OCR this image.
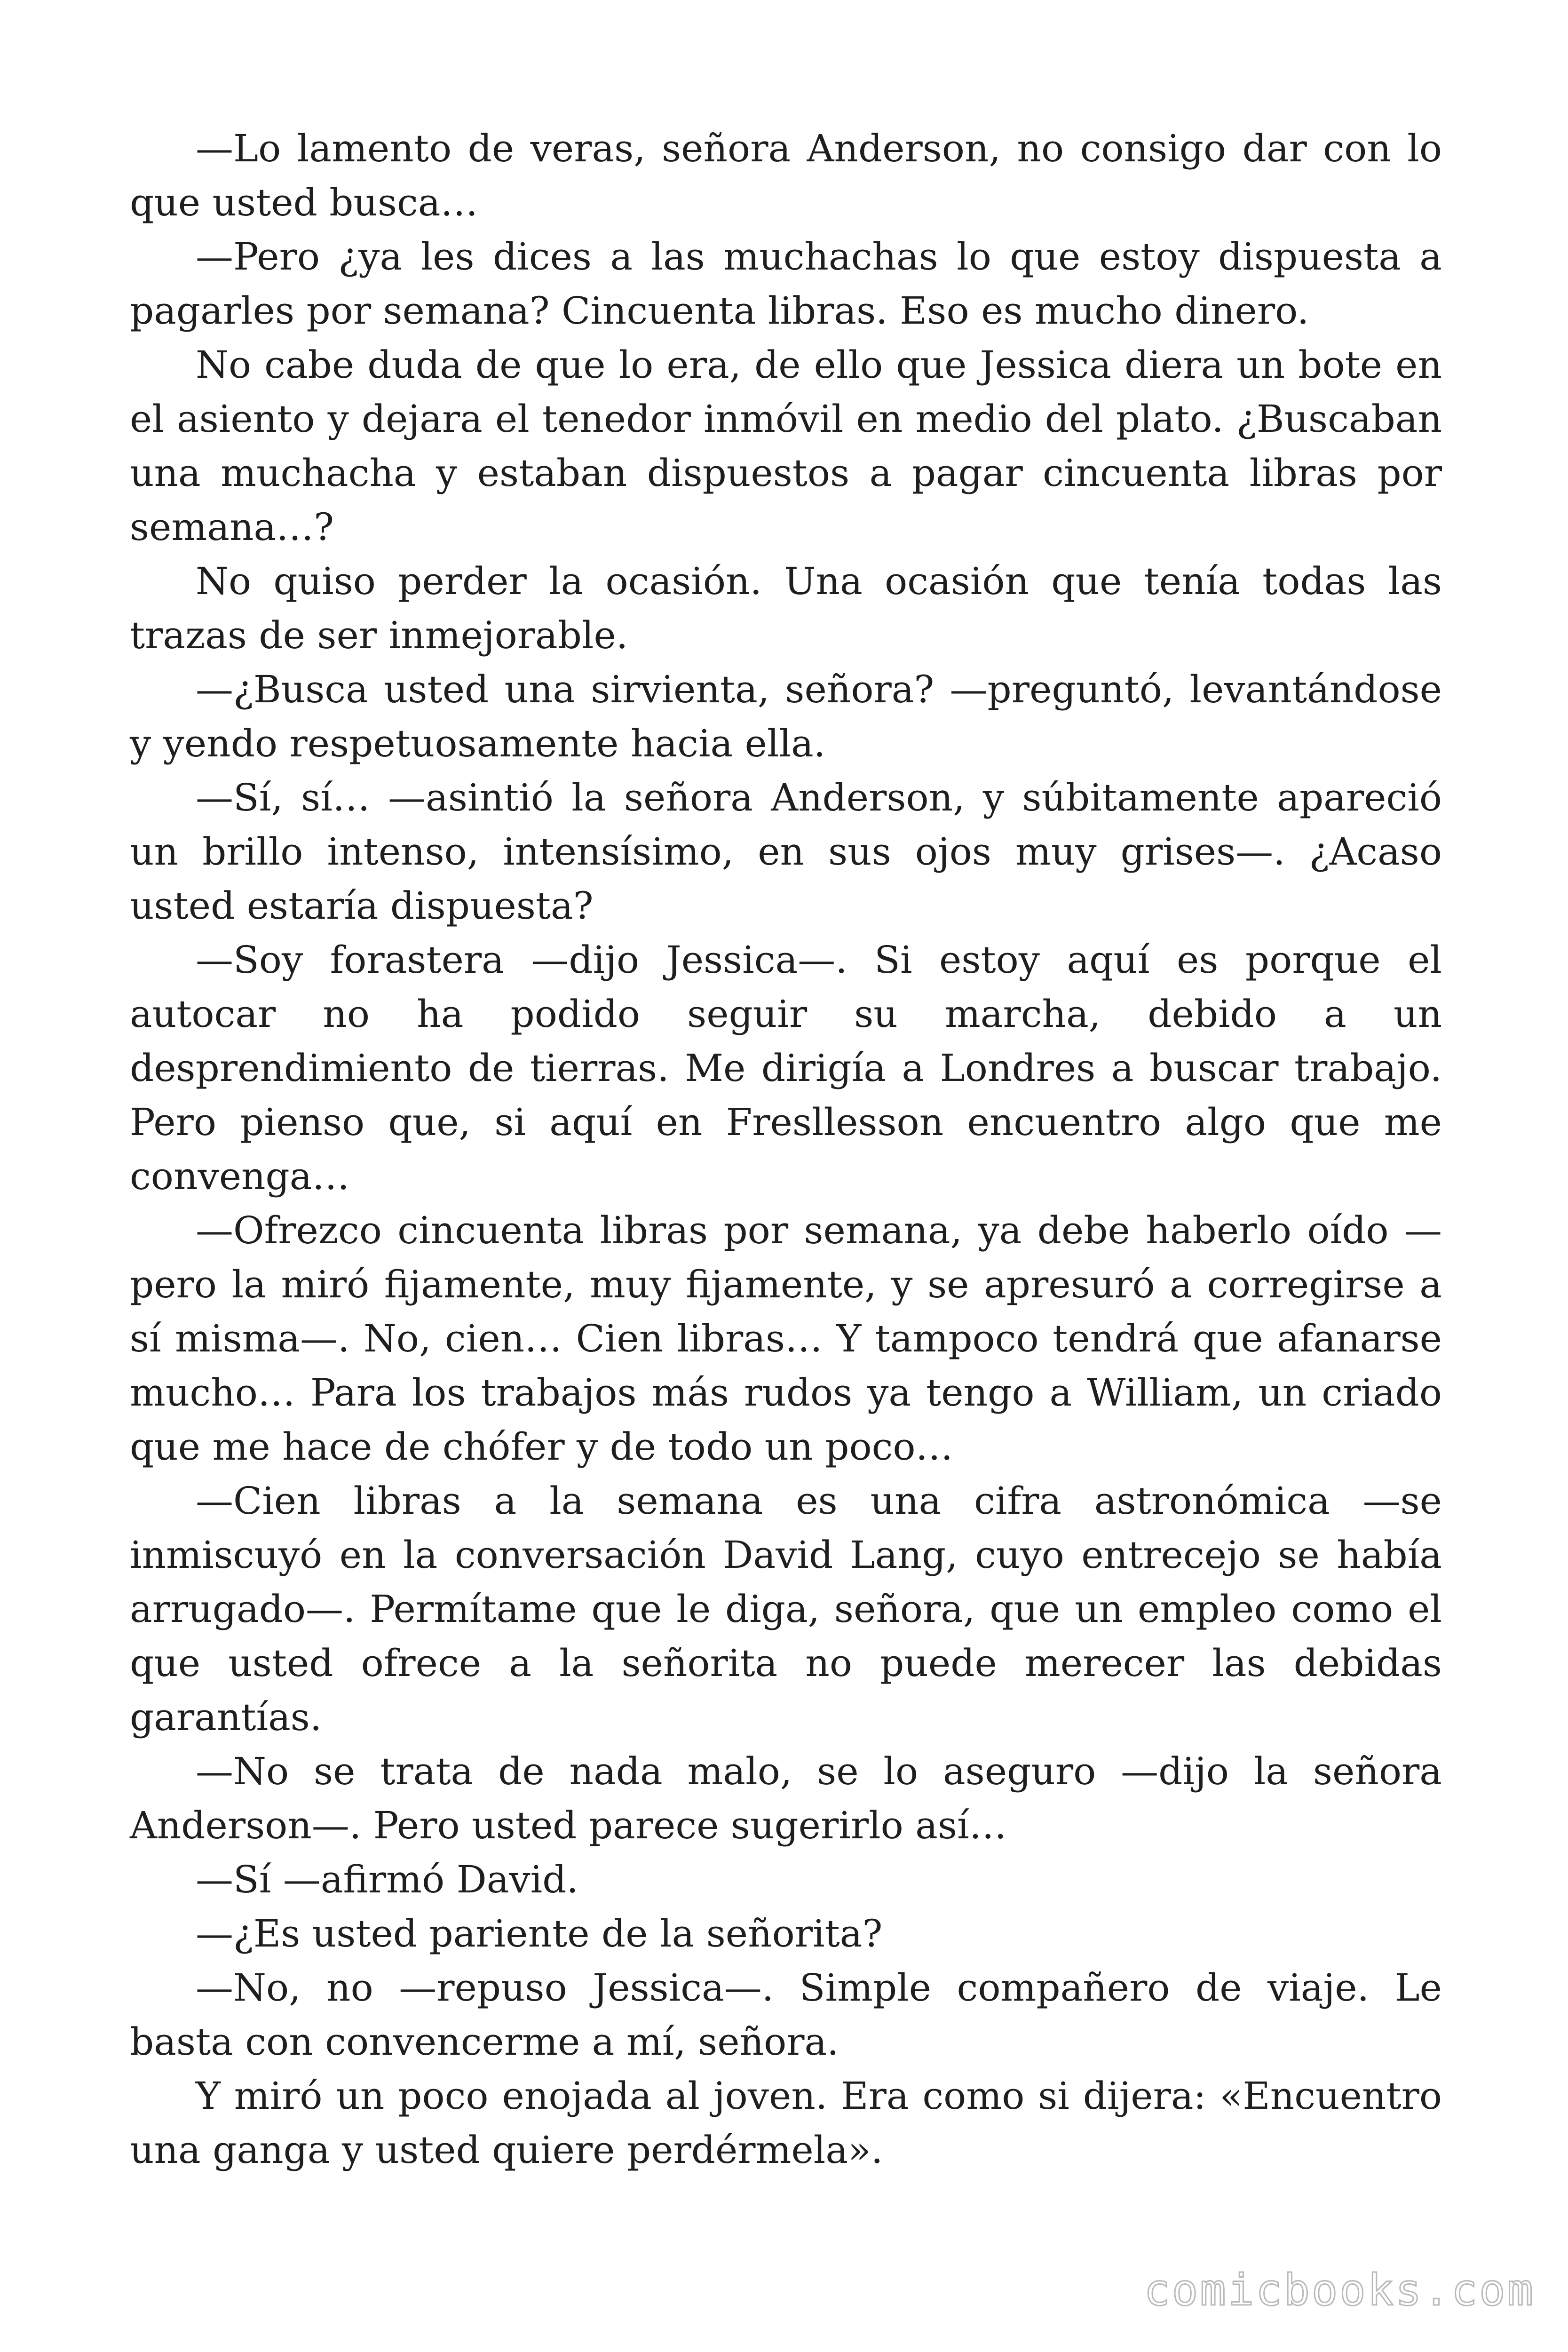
—Lo lamento de veras, señora Anderson, no consigo dar con lo que usted busca…

—Pero ¿ya les dices a las muchachas lo que estoy dispuesta a pagarles por semana? Cincuenta libras. Eso es mucho dinero.

No cabe duda de que lo era, de ello que Jessica diera un bote en el asiento y dejara el tenedor inmóvil en medio del plato. ¿Buscaban una muchacha y estaban dispuestos a pagar cincuenta libras por semana…?

No quiso perder la ocasión. Una ocasión que tenía todas las trazas de ser inmejorable.

—¿Busca usted una sirvienta, señora? —preguntó, levantándose y yendo respetuosamente hacia ella.

—Sí, sí… —asintió la señora Anderson, y súbitamente apareció un brillo intenso, intensísimo, en sus ojos muy grises—. ¿Acaso usted estaría dispuesta?

—Soy forastera —dijo Jessica—. Si estoy aquí es porque el autocar no ha podido seguir su marcha, debido a un desprendimiento de tierras. Me dirigía a Londres a buscar trabajo. Pero pienso que, si aquí en Fresllesson encuentro algo que me convenga…

—Ofrezco cincuenta libras por semana, ya debe haberlo oído —pero la miró fijamente, muy fijamente, y se apresuró a corregirse a sí misma—. No, cien… Cien libras… Y tampoco tendrá que afanarse mucho… Para los trabajos más rudos ya tengo a William, un criado que me hace de chófer y de todo un poco…

—Cien libras a la semana es una cifra astronómica —se inmiscuyó en la conversación David Lang, cuyo entrecejo se había arrugado—. Permítame que le diga, señora, que un empleo como el que usted ofrece a la señorita no puede merecer las debidas garantías.

—No se trata de nada malo, se lo aseguro —dijo la señora Anderson—. Pero usted parece sugerirlo así…

—Sí —afirmó David.

—¿Es usted pariente de la señorita?

—No, no —repuso Jessica—. Simple compañero de viaje. Le basta con convencerme a mí, señora.

Y miró un poco enojada al joven. Era como si dijera: «Encuentro una ganga y usted quiere perdérmela».

comicbooks.com
